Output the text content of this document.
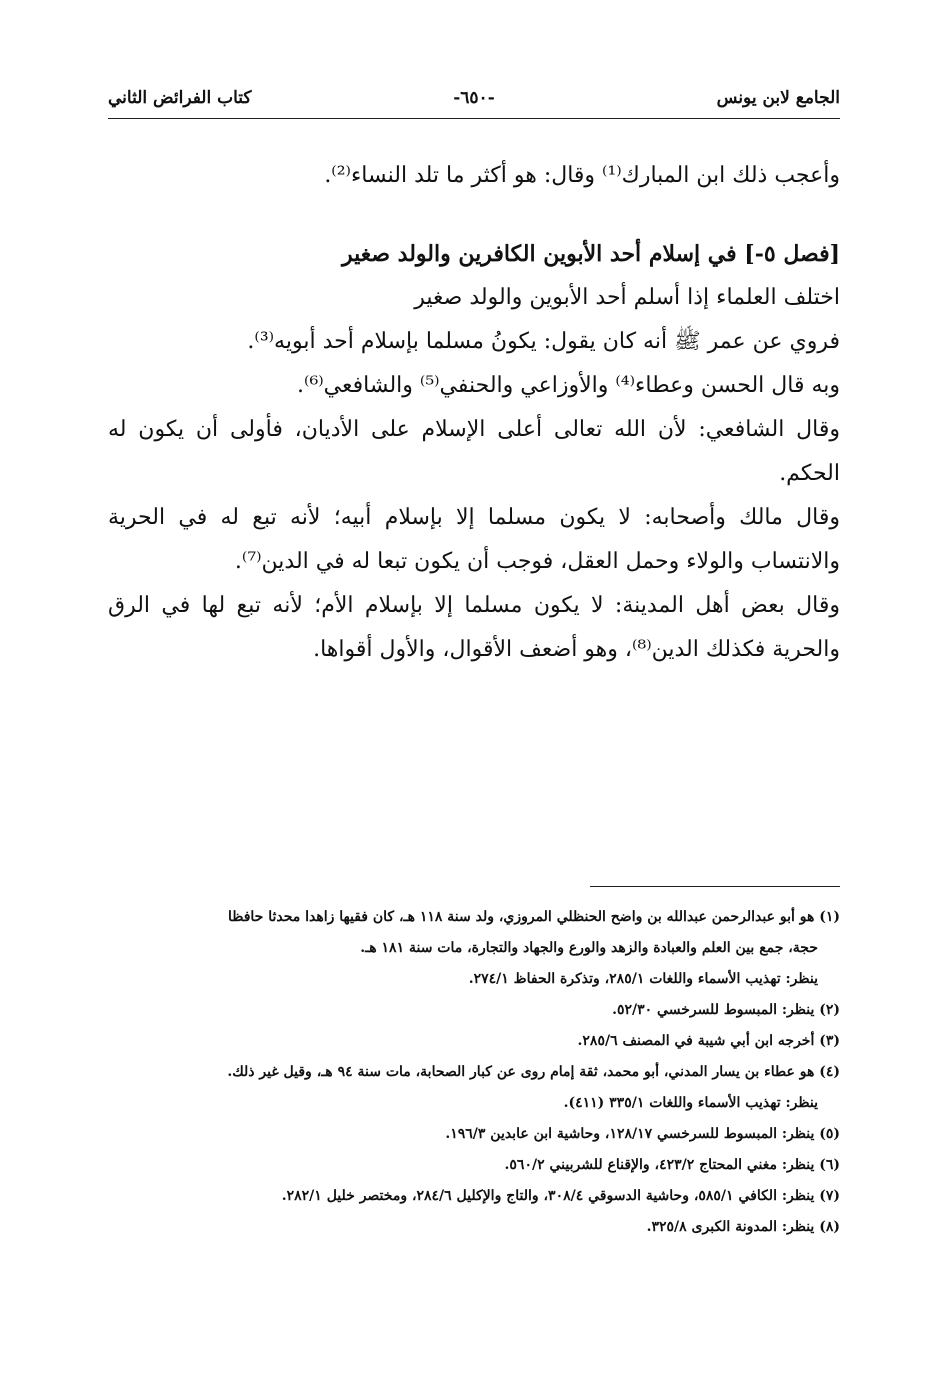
الجامع لابن يونس
-٦٥٠-
كتاب الفرائض الثاني

وأعجب ذلك ابن المبارك⁽¹⁾ وقال: هو أكثر ما تلد النساء⁽²⁾.

[فصل ٥-] في إسلام أحد الأبوين الكافرين والولد صغير

اختلف العلماء إذا أسلم أحد الأبوين والولد صغير

فروي عن عمر ﷺ أنه كان يقول: يكونُ مسلما بإسلام أحد أبويه⁽³⁾.

وبه قال الحسن وعطاء⁽⁴⁾ والأوزاعي والحنفي⁽⁵⁾ والشافعي⁽⁶⁾.

وقال الشافعي: لأن الله تعالى أعلى الإسلام على الأديان، فأولى أن يكون له الحكم.

وقال مالك وأصحابه: لا يكون مسلما إلا بإسلام أبيه؛ لأنه تبع له في الحرية والانتساب والولاء وحمل العقل، فوجب أن يكون تبعا له في الدين⁽⁷⁾.

وقال بعض أهل المدينة: لا يكون مسلما إلا بإسلام الأم؛ لأنه تبع لها في الرق والحرية فكذلك الدين⁽⁸⁾، وهو أضعف الأقوال، والأول أقواها.

(١) هو أبو عبدالرحمن عبدالله بن واضح الحنظلي المروزي، ولد سنة ١١٨ هـ، كان فقيها زاهدا محدثا حافظا

حجة، جمع بين العلم والعبادة والزهد والورع والجهاد والتجارة، مات سنة ١٨١ هـ.

ينظر: تهذيب الأسماء واللغات ٢٨٥/١، وتذكرة الحفاظ ٢٧٤/١.

(٢) ينظر: المبسوط للسرخسي ٥٢/٣٠.

(٣) أخرجه ابن أبي شيبة في المصنف ٢٨٥/٦.

(٤) هو عطاء بن يسار المدني، أبو محمد، ثقة إمام روى عن كبار الصحابة، مات سنة ٩٤ هـ، وقيل غير ذلك.

ينظر: تهذيب الأسماء واللغات ٣٣٥/١ (٤١١).

(٥) ينظر: المبسوط للسرخسي ١٢٨/١٧، وحاشية ابن عابدين ١٩٦/٣.

(٦) ينظر: مغني المحتاج ٤٢٣/٢، والإقناع للشربيني ٥٦٠/٢.

(٧) ينظر: الكافي ٥٨٥/١، وحاشية الدسوقي ٣٠٨/٤، والتاج والإكليل ٢٨٤/٦، ومختصر خليل ٢٨٢/١.

(٨) ينظر: المدونة الكبرى ٣٢٥/٨.
